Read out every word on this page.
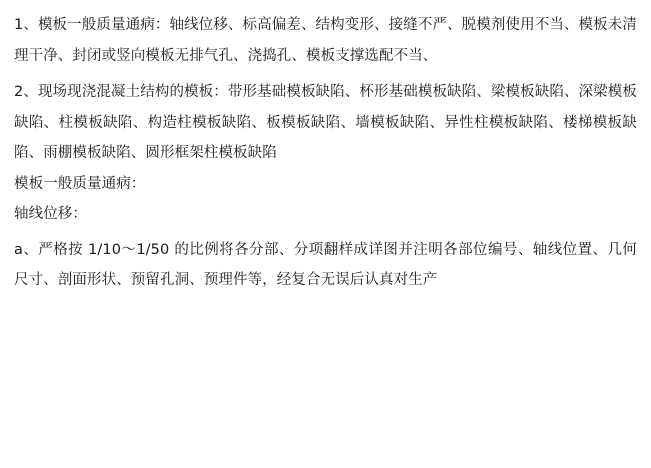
1、模板一般质量通病：轴线位移、标高偏差、结构变形、接缝不严、脱模剂使用不当、模板未清理干净、封闭或竖向模板无排气孔、浇捣孔、模板支撑选配不当、

2、现场现浇混凝土结构的模板：带形基础模板缺陷、杯形基础模板缺陷、梁模板缺陷、深梁模板缺陷、柱模板缺陷、构造柱模板缺陷、板模板缺陷、墙模板缺陷、异性柱模板缺陷、楼梯模板缺陷、雨棚模板缺陷、圆形框架柱模板缺陷

模板一般质量通病：

轴线位移：

a、严格按 1/10～1/50 的比例将各分部、分项翻样成详图并注明各部位编号、轴线位置、几何尺寸、剖面形状、预留孔洞、预理件等，经复合无误后认真对生产
